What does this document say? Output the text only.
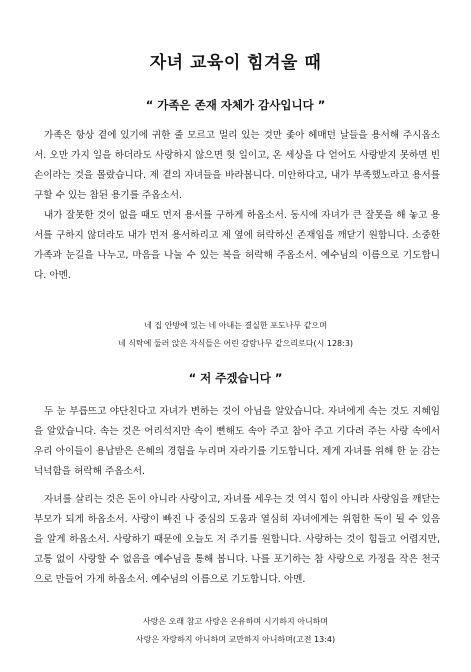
자녀 교육이 힘겨울 때
“ 가족은 존재 자체가 감사입니다 ”

가족은 항상 곁에 있기에 귀한 줄 모르고 멀리 있는 것만 좇아 헤매던 날들을 용서해 주시옵소서. 오만 가지 일을 하더라도 사랑하지 않으면 헛 일이고, 온 세상을 다 얻어도 사랑받지 못하면 빈손이라는 것을 몰랐습니다. 제 곁의 자녀들을 바라봅니다. 미안하다고, 내가 부족했노라고 용서를 구할 수 있는 참된 용기를 주옵소서.

내가 잘못한 것이 없을 때도 먼저 용서를 구하게 하옵소서. 동시에 자녀가 큰 잘못을 해 놓고 용서를 구하지 않더라도 내가 먼저 용서하리고 제 옆에 허락하신 존재임을 깨닫기 원합니다. 소중한 가족과 눈길을 나누고, 마음을 나눌 수 있는 복을 허락해 주옵소서. 예수님의 이름으로 기도합니다. 아멘.

네 집 안방에 있는 네 아내는 결실한 포도나무 같으며
네 식탁에 둘러 앉은 자식들은 어린 감람나무 같으리로다(시 128:3)
“ 저 주겠습니다 ”

두 눈 부릅뜨고 야단친다고 자녀가 변하는 것이 아님을 알았습니다. 자녀에게 속는 것도 지혜임을 알았습니다. 속는 것은 어리석지만 속이 뻔해도 속아 주고 참아 주고 기다려 주는 사랑 속에서 우리 아이들이 용납받은 은혜의 경험을 누리며 자라기를 기도합니다. 제게 자녀를 위해 한 눈 감는 넉넉함을 허락해 주옵소서.

자녀를 살리는 것은 돈이 아니라 사랑이고, 자녀를 세우는 것 역시 힘이 아니라 사랑임을 깨닫는 부모가 되게 하옵소서. 사랑이 빠진 나 중심의 도움과 열심히 자녀에게는 위험한 독이 될 수 있음을 알게 하옵소서. 사랑하기 때문에 오늘도 저 주기를 원합니다. 사랑하는 것이 힘들고 어렵지만, 고통 없이 사랑할 수 없음을 예수님을 통해 봅니다. 나를 포기하는 참 사랑으로 가정을 작은 천국으로 만들어 가게 하옵소서. 예수님의 이름으로 기도합니다. 아멘.

사랑은 오래 참고 사랑은 온유하며 시기하지 아니하며
사랑은 자랑하지 아니하며 교만하지 아니하며(고전 13:4)
